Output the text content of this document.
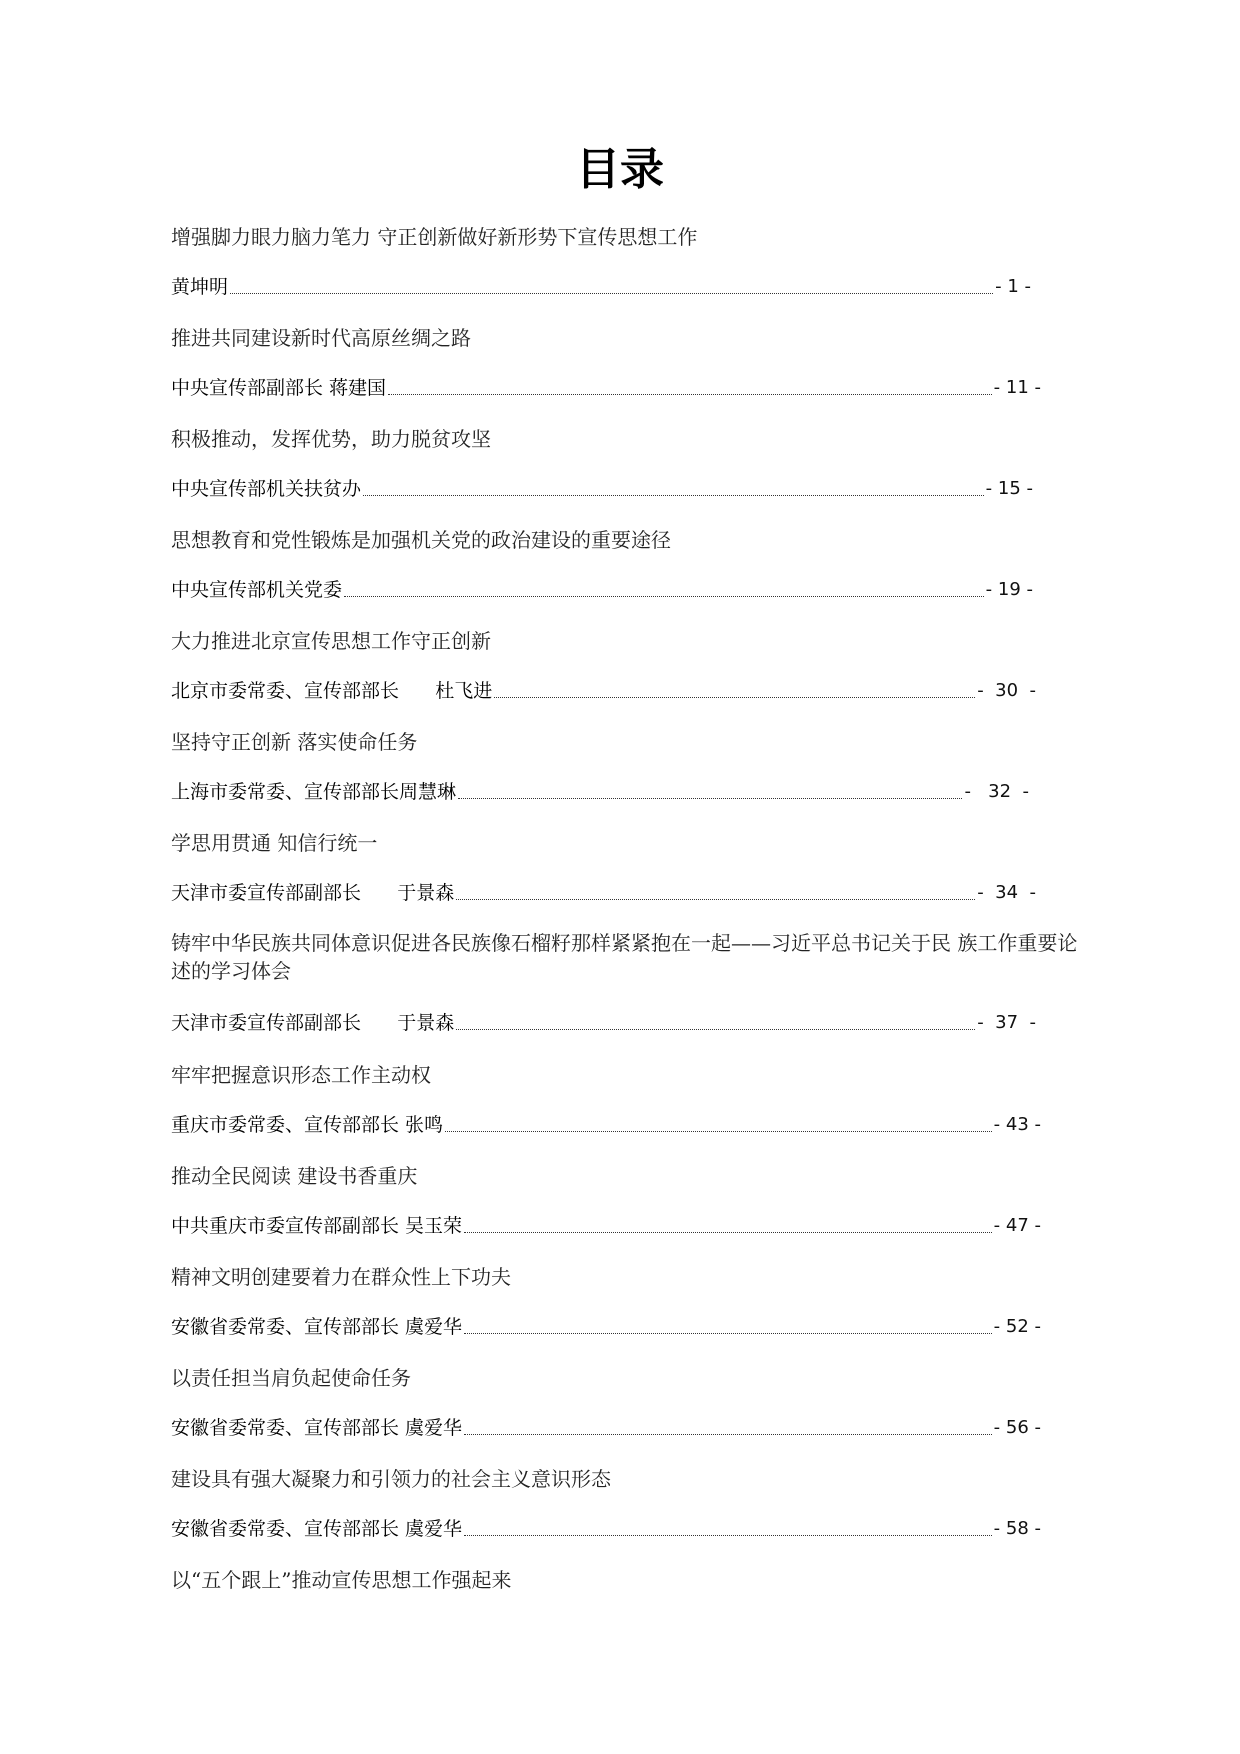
目录
增强脚力眼力脑力笔力 守正创新做好新形势下宣传思想工作
黄坤明	- 1 -
推进共同建设新时代高原丝绸之路
中央宣传部副部长 蒋建国	- 11 -
积极推动，发挥优势，助力脱贫攻坚
中央宣传部机关扶贫办	- 15 -
思想教育和党性锻炼是加强机关党的政治建设的重要途径
中央宣传部机关党委	- 19 -
大力推进北京宣传思想工作守正创新
北京市委常委、宣传部部长      杜飞进	-  30  -
坚持守正创新 落实使命任务
上海市委常委、宣传部部长周慧琳	-   32  -
学思用贯通 知信行统一
天津市委宣传部副部长      于景森	-  34  -
铸牢中华民族共同体意识促进各民族像石榴籽那样紧紧抱在一起——习近平总书记关于民 族工作重要论述的学习体会
天津市委宣传部副部长      于景森	-  37  -
牢牢把握意识形态工作主动权
重庆市委常委、宣传部部长 张鸣	- 43 -
推动全民阅读 建设书香重庆
中共重庆市委宣传部副部长 吴玉荣	- 47 -
精神文明创建要着力在群众性上下功夫
安徽省委常委、宣传部部长 虞爱华	- 52 -
以责任担当肩负起使命任务
安徽省委常委、宣传部部长 虞爱华	- 56 -
建设具有强大凝聚力和引领力的社会主义意识形态
安徽省委常委、宣传部部长 虞爱华	- 58 -
以“五个跟上”推动宣传思想工作强起来
